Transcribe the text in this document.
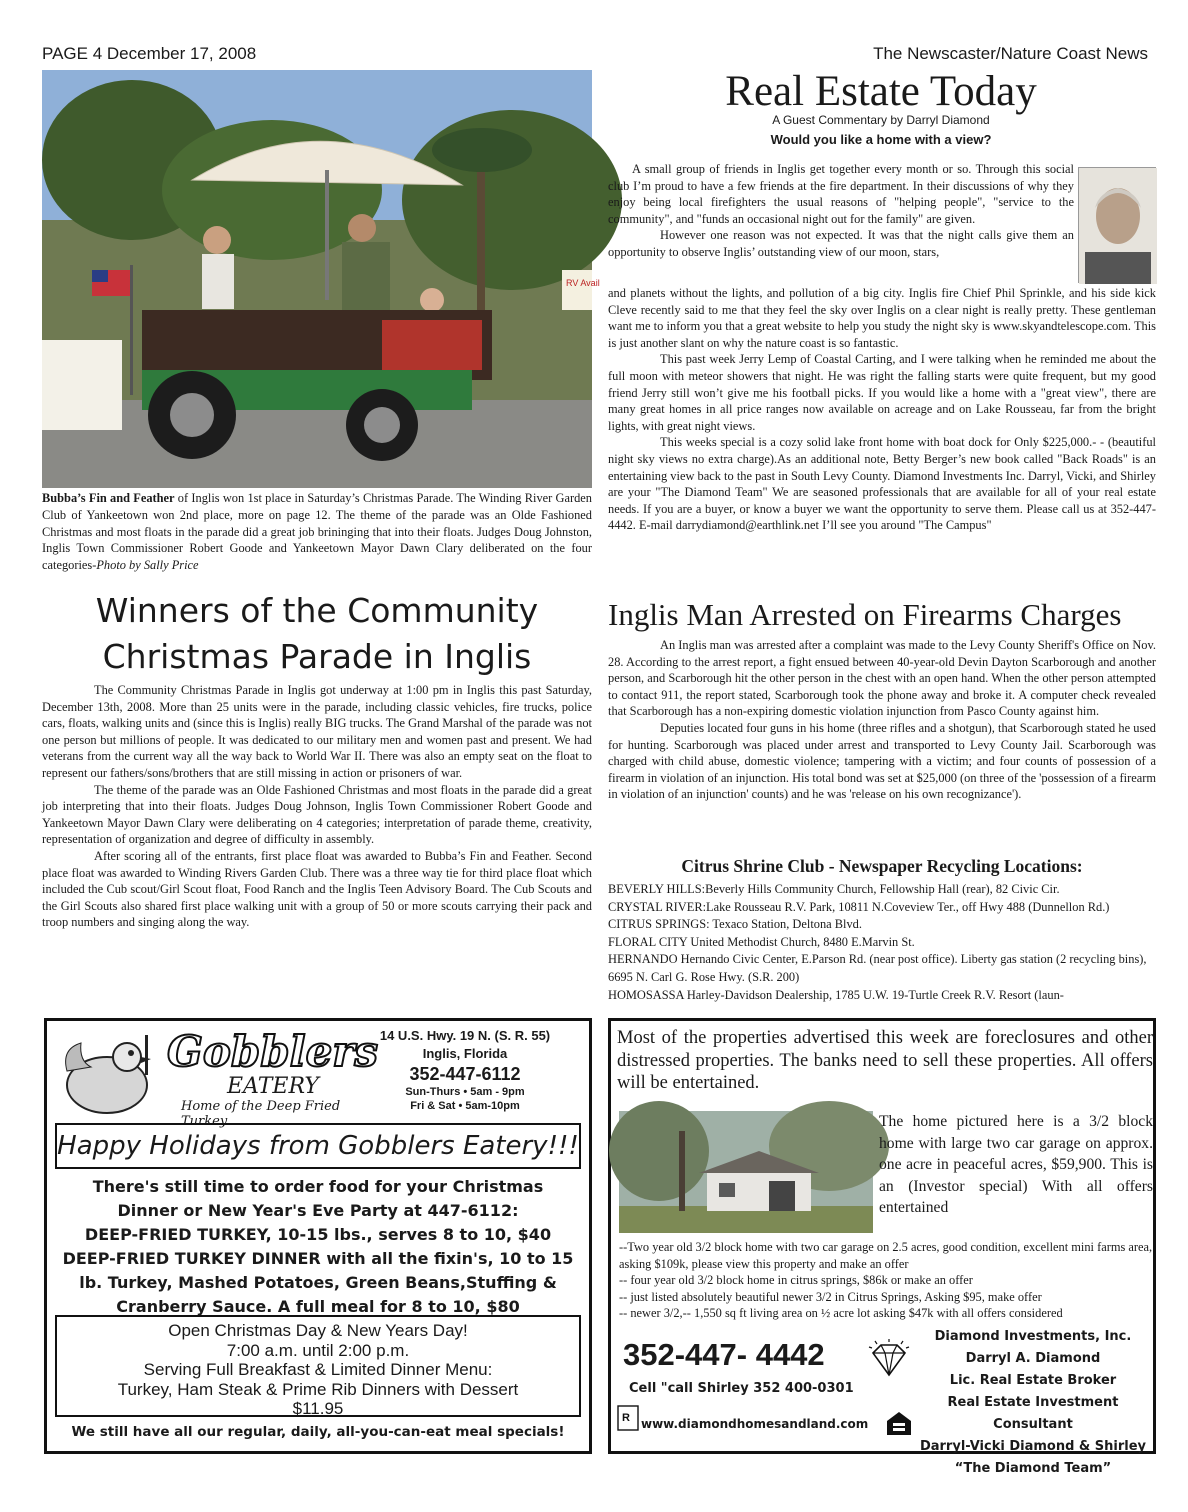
PAGE 4 December 17, 2008	The Newscaster/Nature Coast News
RV Avail
Bubba’s Fin and Feather of Inglis won 1st place in Saturday’s Christmas Parade. The Winding River Garden Club of Yankeetown won 2nd place, more on page 12. The theme of the parade was an Olde Fashioned Christmas and most floats in the parade did a great job brininging that into their floats. Judges Doug Johnston, Inglis Town Commissioner Robert Goode and Yankeetown Mayor Dawn Clary deliberated on the four categories-Photo by Sally Price
Winners of the Community
Christmas Parade in Inglis

The Community Christmas Parade in Inglis got underway at 1:00 pm in Inglis this past Saturday, December 13th, 2008. More than 25 units were in the parade, including classic vehicles, fire trucks, police cars, floats, walking units and (since this is Inglis) really BIG trucks. The Grand Marshal of the parade was not one person but millions of people. It was dedicated to our military men and women past and present. We had veterans from the current way all the way back to World War II. There was also an empty seat on the float to represent our fathers/sons/brothers that are still missing in action or prisoners of war.

The theme of the parade was an Olde Fashioned Christmas and most floats in the parade did a great job interpreting that into their floats. Judges Doug Johnson, Inglis Town Commissioner Robert Goode and Yankeetown Mayor Dawn Clary were deliberating on 4 categories; interpretation of parade theme, creativity, representation of organization and degree of difficulty in assembly.

After scoring all of the entrants, first place float was awarded to Bubba’s Fin and Feather. Second place float was awarded to Winding Rivers Garden Club. There was a three way tie for third place float which included the Cub scout/Girl Scout float, Food Ranch and the Inglis Teen Advisory Board. The Cub Scouts and the Girl Scouts also shared first place walking unit with a group of 50 or more scouts carrying their pack and troop numbers and singing along the way.

Real Estate Today
A Guest Commentary by Darryl Diamond
Would you like a home with a view?

A small group of friends in Inglis get together every month or so. Through this social club I’m proud to have a few friends at the fire department. In their discussions of why they enjoy being local firefighters the usual reasons of "helping people", "service to the community", and "funds an occasional night out for the family" are given.

However one reason was not expected. It was that the night calls give them an opportunity to observe Inglis’ outstanding view of our moon, stars,

and planets without the lights, and pollution of a big city. Inglis fire Chief Phil Sprinkle, and his side kick Cleve recently said to me that they feel the sky over Inglis on a clear night is really pretty. These gentleman want me to inform you that a great website to help you study the night sky is www.skyandtelescope.com. This is just another slant on why the nature coast is so fantastic.

This past week Jerry Lemp of Coastal Carting, and I were talking when he reminded me about the full moon with meteor showers that night. He was right the falling starts were quite frequent, but my good friend Jerry still won’t give me his football picks. If you would like a home with a "great view", there are many great homes in all price ranges now available on acreage and on Lake Rousseau, far from the bright lights, with great night views.

This weeks special is a cozy solid lake front home with boat dock for Only $225,000.- - (beautiful night sky views no extra charge).As an additional note, Betty Berger’s new book called "Back Roads" is an entertaining view back to the past in South Levy County. Diamond Investments Inc. Darryl, Vicki, and Shirley are your "The Diamond Team" We are seasoned professionals that are available for all of your real estate needs. If you are a buyer, or know a buyer we want the opportunity to serve them. Please call us at 352-447-4442. E-mail darrydiamond@earthlink.net I’ll see you around "The Campus"

Inglis Man Arrested on Firearms Charges

An Inglis man was arrested after a complaint was made to the Levy County Sheriff's Office on Nov. 28. According to the arrest report, a fight ensued between 40-year-old Devin Dayton Scarborough and another person, and Scarborough hit the other person in the chest with an open hand. When the other person attempted to contact 911, the report stated, Scarborough took the phone away and broke it. A computer check revealed that Scarborough has a non-expiring domestic violation injunction from Pasco County against him.

Deputies located four guns in his home (three rifles and a shotgun), that Scarborough stated he used for hunting. Scarborough was placed under arrest and transported to Levy County Jail. Scarborough was charged with child abuse, domestic violence; tampering with a victim; and four counts of possession of a firearm in violation of an injunction. His total bond was set at $25,000 (on three of the 'possession of a firearm in violation of an injunction' counts) and he was 'release on his own recognizance').

Citrus Shrine Club - Newspaper Recycling Locations:
BEVERLY HILLS:Beverly Hills Community Church, Fellowship Hall (rear), 82 Civic Cir.
CRYSTAL RIVER:Lake Rousseau R.V. Park, 10811 N.Coveview Ter., off Hwy 488 (Dunnellon Rd.) CITRUS SPRINGS: Texaco Station, Deltona Blvd.
FLORAL CITY United Methodist Church, 8480 E.Marvin St.
HERNANDO Hernando Civic Center, E.Parson Rd. (near post office). Liberty gas station (2 recycling bins), 6695 N. Carl G. Rose Hwy. (S.R. 200)
HOMOSASSA Harley-Davidson Dealership, 1785 U.W. 19-Turtle Creek R.V. Resort (laun-
Gobblers
EATERY
Home of the Deep Fried Turkey
14 U.S. Hwy. 19 N. (S. R. 55)
Inglis, Florida
352-447-6112
Sun-Thurs • 5am - 9pm
Fri & Sat • 5am-10pm
Happy Holidays from Gobblers Eatery!!!
There's still time to order food for your Christmas
Dinner or New Year's Eve Party at 447-6112:
DEEP-FRIED TURKEY, 10-15 lbs., serves 8 to 10, $40
DEEP-FRIED TURKEY DINNER with all the fixin's, 10 to 15
lb. Turkey, Mashed Potatoes, Green Beans,Stuffing &
Cranberry Sauce. A full meal for 8 to 10, $80
Open Christmas Day & New Years Day!
7:00 a.m. until 2:00 p.m.
Serving Full Breakfast & Limited Dinner Menu:
Turkey, Ham Steak & Prime Rib Dinners with Dessert
$11.95
We still have all our regular, daily, all-you-can-eat meal specials!
Most of the properties advertised this week are foreclosures and other distressed properties. The banks need to sell these properties. All offers will be entertained.
The home pictured here is a 3/2 block home with large two car garage on approx. one acre in peaceful acres, $59,900. This is an (Investor special) With all offers entertained
--Two year old 3/2 block home with two car garage on 2.5 acres, good condition, excellent mini farms area, asking $109k, please view this property and make an offer
-- four year old 3/2 block home in citrus springs, $86k or make an offer
-- just listed absolutely beautiful newer 3/2 in Citrus Springs, Asking $95, make offer
-- newer 3/2,-- 1,550 sq ft living area on ½ acre lot asking $47k with all offers considered
352-447- 4442
Cell "call Shirley 352 400-0301
R www.diamondhomesandland.com
Diamond Investments, Inc.
Darryl A. Diamond
Lic. Real Estate Broker
Real Estate Investment Consultant
Darryl-Vicki Diamond & Shirley
“The Diamond Team”
